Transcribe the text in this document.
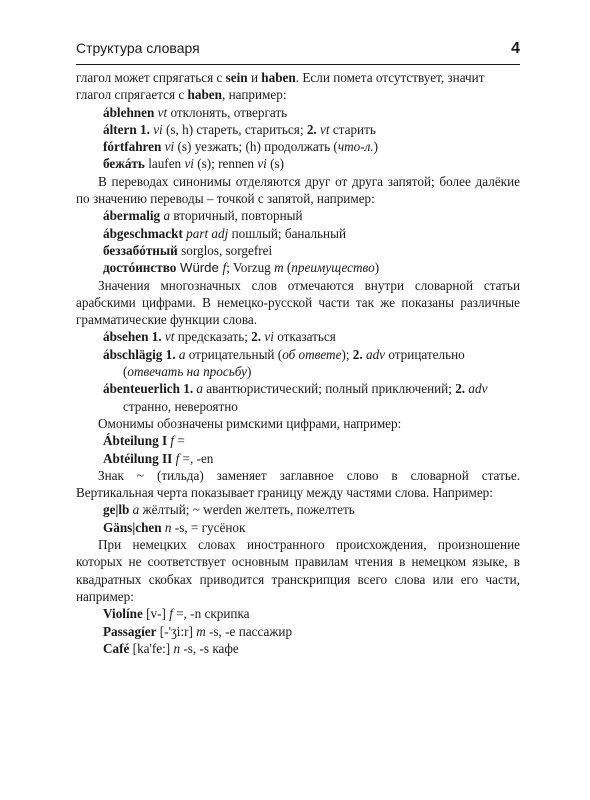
Структура словаря	4

глагол может спрягаться с sein и haben. Если помета отсутствует, значит глагол спрягается с haben, например:

áblehnen vt отклонять, отвергать

áltern 1. vi (s, h) стареть, стариться; 2. vt старить

fórtfahren vi (s) уезжать; (h) продолжать (что-л.)

бежáть laufen vi (s); rennen vi (s)

В переводах синонимы отделяются друг от друга запятой; более далёкие по значению переводы – точкой с запятой, например:

ábermalig a вторичный, повторный

ábgeschmackt part adj пошлый; банальный

беззабóтный sorglos, sorgefrei

достóинство Würde f; Vorzug m (преимущество)

Значения многозначных слов отмечаются внутри словарной статьи арабскими цифрами. В немецко-русской части так же показаны различные грамматические функции слова.

ábsehen 1. vt предсказать; 2. vi отказаться

ábschlägig 1. a отрицательный (об ответе); 2. adv отрицательно (отвечать на просьбу)

ábenteuerlich 1. a авантюристический; полный приключений; 2. adv странно, невероятно

Омонимы обозначены римскими цифрами, например:

Ábteilung I f =

Abtéilung II f =, -en

Знак ~ (тильда) заменяет заглавное слово в словарной статье. Вертикальная черта показывает границу между частями слова. Например:

ge|lb a жёлтый; ~ werden желтеть, пожелтеть

Gäns|chen n -s, = гусёнок

При немецких словах иностранного происхождения, произношение которых не соответствует основным правилам чтения в немецком языке, в квадратных скобках приводится транскрипция всего слова или его части, например:

Violíne [v-] f =, -n скрипка

Passagíer [-'ʒi:r] m -s, -e пассажир

Café [ka'fe:] n -s, -s кафе
